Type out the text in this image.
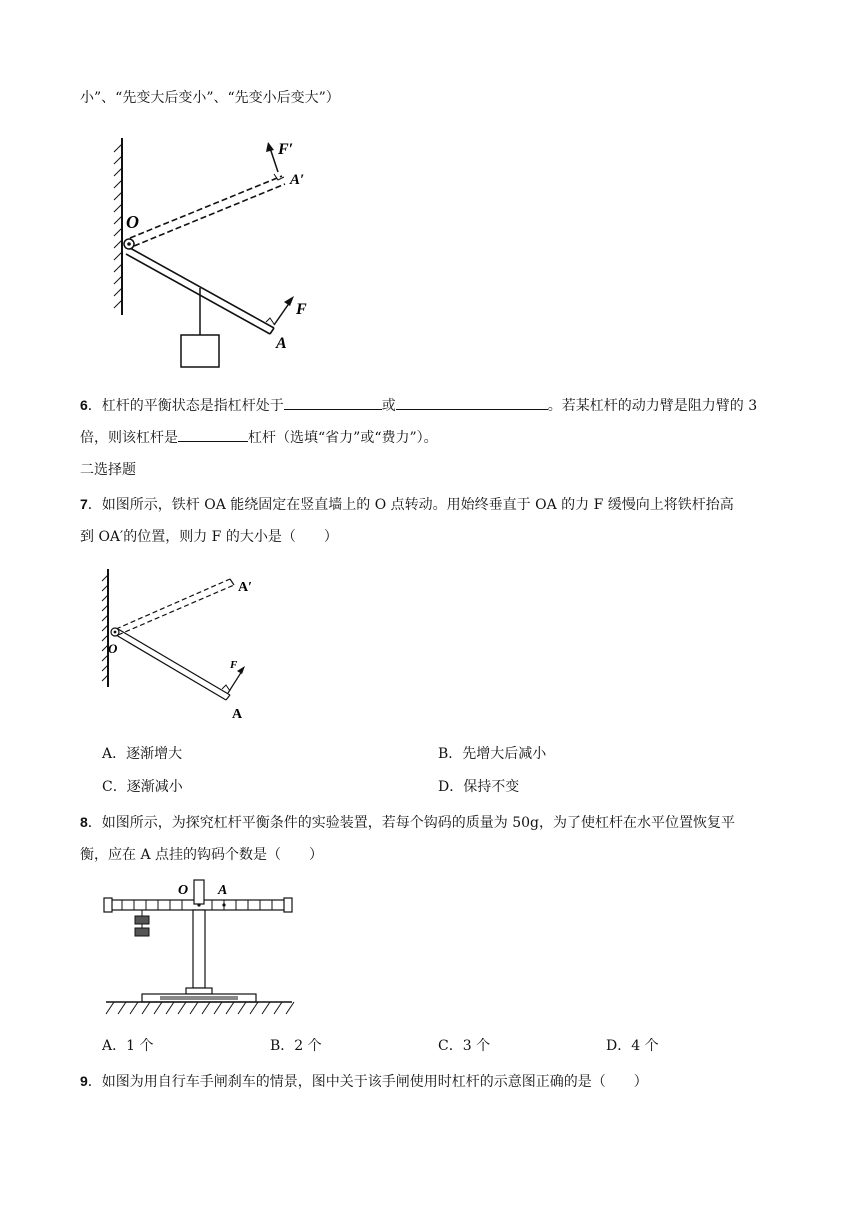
小”、“先变大后变小”、“先变小后变大”）
F′
A′
O
F
A
6．杠杆的平衡状态是指杠杆处于	或	。若某杠杆的动力臂是阻力臂的 3
倍，则该杠杆是	杠杆（选填“省力”或“费力”）。
二选择题
7．如图所示，铁杆 OA 能绕固定在竖直墙上的 O 点转动。用始终垂直于 OA 的力 F 缓慢向上将铁杆抬高
到 OA′的位置，则力 F 的大小是（　　）
A′
O
F
A
A．逐渐增大	B．先增大后减小
C．逐渐减小	D．保持不变
8．如图所示，为探究杠杆平衡条件的实验装置，若每个钩码的质量为 50g，为了使杠杆在水平位置恢复平
衡，应在 A 点挂的钩码个数是（　　）
O A
A．1 个	B．2 个	C．3 个	D．4 个
9．如图为用自行车手闸刹车的情景，图中关于该手闸使用时杠杆的示意图正确的是（　　）
